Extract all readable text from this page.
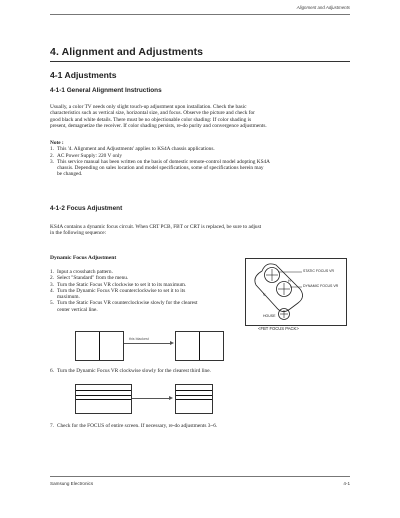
Alignment and Adjustments
4. Alignment and Adjustments
4-1 Adjustments
4-1-1 General Alignment Instructions
Usually, a color TV needs only slight touch-up adjustment upon installation. Check the basic
characteristics such as vertical size, horizontal size, and focus. Observe the picture and check for
good black and white details. There must be no objectionable color shading: If color shading is
present, demagnetize the receiver. If color shading persists, re-do purity and convergence adjustments.
Note :
1. This '4. Alignment and Adjustments' applies to KS4A chassis applications.
2. AC Power Supply: 220 V only
3. This service manual has been written on the basis of domestic remote-control model adopting KS4A
chassis. Depending on sales location and model specifications, some of specifications herein may
be changed.
4-1-2 Focus Adjustment
KS4A contains a dynamic focus circuit. When CRT PCB, FBT or CRT is replaced, be sure to adjust
in the following sequence:
Dynamic Focus Adjustment
1. Input a crosshatch pattern.
2. Select "Standard" from the menu.
3. Turn the Static Focus VR clockwise to set it to its maximum.
4. Turn the Dynamic Focus VR counterclockwise to set it to its
maximum.
5. Turn the Static Focus VR counterclockwise slowly for the clearest
center vertical line.
this blackest
6. Turn the Dynamic Focus VR clockwise slowly for the clearest third line.
7. Check for the FOCUS of entire screen. If necessary, re-do adjustments 3~6.
STATIC FOCUS VR
DYNAMIC FOCUS VR
H
V
HOUSE
<FBT FOCUS PACK>
Samsung Electronics	4-1
